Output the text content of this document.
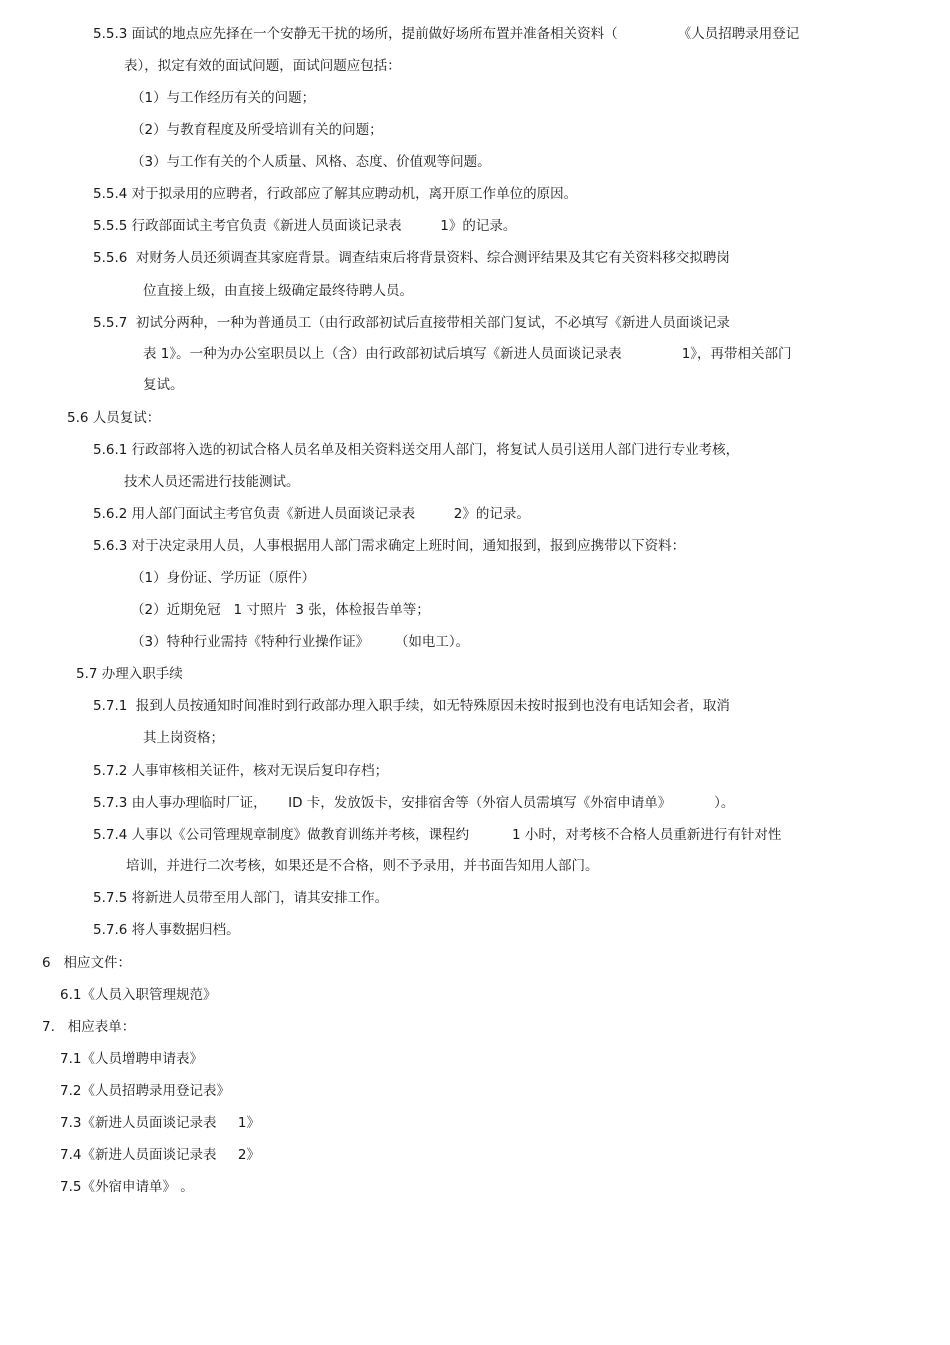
5.5.3 面试的地点应先择在一个安静无干扰的场所，提前做好场所布置并准备相关资料（              《人员招聘录用登记
表），拟定有效的面试问题，面试问题应包括：
（1）与工作经历有关的问题；
（2）与教育程度及所受培训有关的问题；
（3）与工作有关的个人质量、风格、态度、价值观等问题。
5.5.4 对于拟录用的应聘者，行政部应了解其应聘动机，离开原工作单位的原因。
5.5.5 行政部面试主考官负责《新进人员面谈记录表         1》的记录。
5.5.6  对财务人员还须调查其家庭背景。调查结束后将背景资料、综合测评结果及其它有关资料移交拟聘岗
位直接上级，由直接上级确定最终待聘人员。
5.5.7  初试分两种，一种为普通员工（由行政部初试后直接带相关部门复试，不必填写《新进人员面谈记录
表 1》。一种为办公室职员以上（含）由行政部初试后填写《新进人员面谈记录表              1》，再带相关部门
复试。
5.6 人员复试：
5.6.1 行政部将入选的初试合格人员名单及相关资料送交用人部门，将复试人员引送用人部门进行专业考核，
技术人员还需进行技能测试。
5.6.2 用人部门面试主考官负责《新进人员面谈记录表         2》的记录。
5.6.3 对于决定录用人员，人事根据用人部门需求确定上班时间，通知报到，报到应携带以下资料：
（1）身份证、学历证（原件）
（2）近期免冠   1 寸照片  3 张，体检报告单等；
（3）特种行业需持《特种行业操作证》      （如电工）。
5.7 办理入职手续
5.7.1  报到人员按通知时间准时到行政部办理入职手续，如无特殊原因未按时报到也没有电话知会者，取消
其上岗资格；
5.7.2 人事审核相关证件，核对无误后复印存档；
5.7.3 由人事办理临时厂证，     ID 卡，发放饭卡，安排宿舍等（外宿人员需填写《外宿申请单》          ）。
5.7.4 人事以《公司管理规章制度》做教育训练并考核，课程约          1 小时，对考核不合格人员重新进行有针对性
培训，并进行二次考核，如果还是不合格，则不予录用，并书面告知用人部门。
5.7.5 将新进人员带至用人部门，请其安排工作。
5.7.6 将人事数据归档。
6   相应文件：
6.1《人员入职管理规范》
7.   相应表单：
7.1《人员增聘申请表》
7.2《人员招聘录用登记表》
7.3《新进人员面谈记录表     1》
7.4《新进人员面谈记录表     2》
7.5《外宿申请单》 。
